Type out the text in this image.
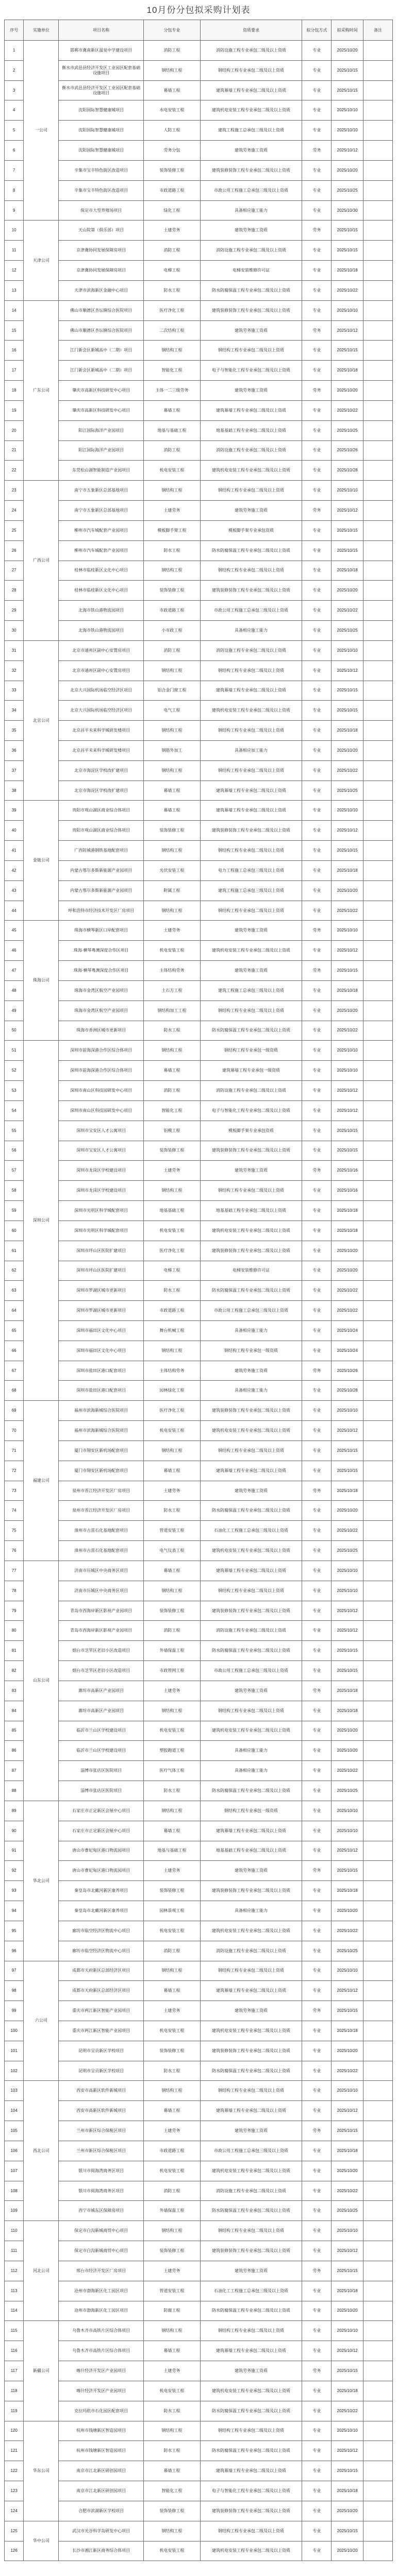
10月份分包拟采购计划表
序号	实施单位	项目名称	分包专业	资质要求	拟分包方式	拟采购时间	备注
1	一公司	邯郸市冀南新区温泉中学建设项目	消防工程	消防设施工程专业承包二级及以上资质	专业	2025/10/20	
2		衡水市武邑县经济开发区工业园区配套基础设施项目	钢结构工程	钢结构工程专业承包二级及以上资质	专业	2025/10/15	
3		衡水市武邑县经济开发区工业园区配套基础设施项目	幕墙工程	建筑幕墙工程专业承包二级及以上资质	专业	2025/10/15	
4		沈阳国际智慧健康城项目	水电安装工程	建筑机电安装工程专业承包二级及以上资质	专业	2025/10/10	
5		沈阳国际智慧健康城项目	人防工程	建筑工程施工总承包三级及以上资质	专业	2025/10/10	
6		沈阳国际智慧健康城项目	劳务分包	建筑劳务施工资质	劳务	2025/10/12	
7		辛集市宝丰特色街区改造项目	装饰装修工程	建筑装修装饰工程专业承包二级及以上资质	专业	2025/10/20	
8		辛集市宝丰特色街区改造项目	市政道路工程	市政公用工程施工总承包三级及以上资质	专业	2025/10/25	
9		保定市大型养殖场项目	绿化工程	具备相应施工能力	专业	2025/10/30	
10	天津公司	天山院第（俱乐部）项目	土建劳务	建筑劳务施工资质	劳务	2025/10/15	
11		京津冀协同发展保障房项目	消防工程	消防设施工程专业承包二级及以上资质	专业	2025/10/15	
12		京津冀协同发展保障房项目	电梯工程	电梯安装维修许可证	专业	2025/10/18	
13		天津市滨海新区金融中心项目	防水工程	防水防腐保温工程专业承包二级及以上资质	专业	2025/10/22	
14	广东公司	佛山市顺德区杏坛镇综合医院项目	医疗净化工程	建筑装修装饰工程专业承包二级及以上资质	专业	2025/10/10	
15		佛山市顺德区杏坛镇综合医院项目	二次结构工程	建筑劳务施工资质	劳务	2025/10/12	
16		江门新会区新城高中（二期）项目	钢结构工程	钢结构工程专业承包二级及以上资质	专业	2025/10/15	
17		江门新会区新城高中（二期）项目	智能化工程	电子与智能化工程专业承包二级及以上资质	专业	2025/10/18	
18		肇庆市高新区科技研发中心项目	主体一二三级劳务	建筑劳务施工资质	劳务	2025/10/20	
19		肇庆市高新区科技研发中心项目	幕墙工程	建筑幕墙工程专业承包二级及以上资质	专业	2025/10/22	
20		阳江国际海洋产业园项目	地基与基础工程	地基基础工程专业承包二级及以上资质	专业	2025/10/25	
21		阳江国际海洋产业园项目	消防工程	消防设施工程专业承包二级及以上资质	专业	2025/10/26	
22		东莞松山湖智能制造产业园项目	机电安装工程	建筑机电安装工程专业承包二级及以上资质	专业	2025/10/28	
23	广西公司	南宁市五象新区总部基地项目	钢结构工程	钢结构工程专业承包二级及以上资质	专业	2025/10/10	
24		南宁市五象新区总部基地项目	土建劳务	建筑劳务施工资质	劳务	2025/10/12	
25		柳州市汽车城配套产业园项目	模板脚手架工程	模板脚手架专业承包资质	专业	2025/10/15	
26		柳州市汽车城配套产业园项目	防水工程	防水防腐保温工程专业承包二级及以上资质	专业	2025/10/15	
27		桂林市临桂新区文化中心项目	钢结构工程	钢结构工程专业承包二级及以上资质	专业	2025/10/18	
28		桂林市临桂新区文化中心项目	装饰装修工程	建筑装修装饰工程专业承包二级及以上资质	专业	2025/10/20	
29		北海市铁山港物流园项目	市政道路工程	市政公用工程施工总承包三级及以上资质	专业	2025/10/22	
30		北海市铁山港物流园项目	小市政工程	具备相应施工能力	专业	2025/10/25	
31	北京公司	北京市通州区副中心安置房项目	消防工程	消防设施工程专业承包二级及以上资质	专业	2025/10/10	
32		北京市通州区副中心安置房项目	钢结构工程	钢结构工程专业承包二级及以上资质	专业	2025/10/12	
33		北京大兴国际机场临空经济区项目	铝合金门窗工程	建筑幕墙工程专业承包二级及以上资质	专业	2025/10/15	
34		北京大兴国际机场临空经济区项目	电气工程	建筑机电安装工程专业承包二级及以上资质	专业	2025/10/15	
35		北京昌平未来科学城研发楼项目	钢结构工程	钢结构工程专业承包二级及以上资质	专业	2025/10/18	
36		北京昌平未来科学城研发楼项目	钢筋外加工	具备相应加工能力	专业	2025/10/20	
37		北京市海淀区学校改扩建项目	钢结构工程	钢结构工程专业承包二级及以上资质	专业	2025/10/22	
38		北京市海淀区学校改扩建项目	幕墙工程	建筑幕墙工程专业承包二级及以上资质	专业	2025/10/25	
39	金链公司	贵阳市观山湖区商业综合体项目	幕墙工程	建筑幕墙工程专业承包二级及以上资质	专业	2025/10/10	
40		贵阳市观山湖区商业综合体项目	装饰装修工程	建筑装修装饰工程专业承包二级及以上资质	专业	2025/10/12	
41		广西防城港钢铁基地配套项目	钢结构工程	钢结构工程专业承包二级及以上资质	专业	2025/10/15	
42		内蒙古鄂尔多斯新能源产业园项目	光伏安装工程	电力工程施工总承包三级及以上资质	专业	2025/10/18	
43		内蒙古鄂尔多斯新能源产业园项目	附属工程	建筑工程施工总承包三级及以上资质	专业	2025/10/20	
44		呼和浩特市经济技术开发区厂房项目	钢结构工程	钢结构工程专业承包二级及以上资质	专业	2025/10/22	
45	珠海公司	珠海市横琴新区口岸配套项目	土建劳务	建筑劳务施工资质	劳务	2025/10/10	
46		珠海·横琴粤澳深度合作区项目	机电安装工程	建筑机电安装工程专业承包二级及以上资质	专业	2025/10/12	
47		珠海·横琴粤澳深度合作区项目	主体结构劳务	建筑劳务施工资质	劳务	2025/10/15	
48		珠海市金湾区航空产业园项目	土石方工程	建筑工程施工总承包三级及以上资质	专业	2025/10/18	
49		珠海市金湾区航空产业园项目	钢结构加工工程	钢结构工程专业承包二级及以上资质	专业	2025/10/20	
50		珠海市香洲区城市更新项目	防水工程	防水防腐保温工程专业承包二级及以上资质	专业	2025/10/22	
51	深圳公司	深圳市前海深港合作区综合体项目	钢结构工程	钢结构工程专业承包一级资质	专业	2025/10/10	
52		深圳市前海深港合作区综合体项目	幕墙工程	建筑幕墙工程专业承包一级资质	专业	2025/10/10	
53		深圳市南山区科技园研发中心项目	消防工程	消防设施工程专业承包二级及以上资质	专业	2025/10/12	
54		深圳市南山区科技园研发中心项目	智能化工程	电子与智能化工程专业承包二级及以上资质	专业	2025/10/12	
55		深圳市宝安区人才公寓项目	铝模工程	模板脚手架专业承包资质	专业	2025/10/15	
56		深圳市宝安区人才公寓项目	装饰装修工程	建筑装修装饰工程专业承包二级及以上资质	专业	2025/10/15	
57		深圳市龙岗区学校建设项目	土建劳务	建筑劳务施工资质	劳务	2025/10/16	
58		深圳市龙岗区学校建设项目	钢结构工程	钢结构工程专业承包二级及以上资质	专业	2025/10/16	
59		深圳市光明区科学城配套项目	地基基础工程	地基基础工程专业承包二级及以上资质	专业	2025/10/18	
60		深圳市光明区科学城配套项目	机电安装工程	建筑机电安装工程专业承包二级及以上资质	专业	2025/10/18	
61		深圳市坪山区医院扩建项目	医疗净化工程	建筑装修装饰工程专业承包二级及以上资质	专业	2025/10/20	
62		深圳市坪山区医院扩建项目	电梯工程	电梯安装维修许可证	专业	2025/10/20	
63		深圳市罗湖区城市更新项目	防水工程	防水防腐保温工程专业承包二级及以上资质	专业	2025/10/22	
64		深圳市罗湖区城市更新项目	市政道路工程	市政公用工程施工总承包三级及以上资质	专业	2025/10/22	
65		深圳市福田区文化中心项目	舞台机械工程	具备相应施工能力	专业	2025/10/24	
66		深圳市福田区文化中心项目	钢结构工程	钢结构工程专业承包一级资质	专业	2025/10/24	
67		深圳市盐田区港口配套项目	主体结构劳务	建筑劳务施工资质	劳务	2025/10/26	
68		深圳市盐田区港口配套项目	园林绿化工程	具备相应施工能力	专业	2025/10/28	
69	福建公司	福州市滨海新城综合医院项目	医疗净化工程	建筑装修装饰工程专业承包二级及以上资质	专业	2025/10/10	
70		福州市滨海新城综合医院项目	机电安装工程	建筑机电安装工程专业承包二级及以上资质	专业	2025/10/12	
71		厦门市翔安区新机场配套项目	钢结构工程	钢结构工程专业承包二级及以上资质	专业	2025/10/15	
72		厦门市翔安区新机场配套项目	幕墙工程	建筑幕墙工程专业承包二级及以上资质	专业	2025/10/15	
73		泉州市晋江经济开发区厂房项目	土建劳务	建筑劳务施工资质	劳务	2025/10/18	
74		泉州市晋江经济开发区厂房项目	防水工程	防水防腐保温工程专业承包二级及以上资质	专业	2025/10/20	
75		漳州市古雷石化基地配套项目	管道安装工程	石油化工工程施工总承包三级及以上资质	专业	2025/10/22	
76		漳州市古雷石化基地配套项目	电气仪表工程	建筑机电安装工程专业承包二级及以上资质	专业	2025/10/25	
77	山东公司	济南市历城区中央商务区项目	幕墙工程	建筑幕墙工程专业承包二级及以上资质	专业	2025/10/10	
78		济南市历城区中央商务区项目	钢结构工程	钢结构工程专业承包二级及以上资质	专业	2025/10/10	
79		青岛市西海岸新区影视产业园项目	装饰装修工程	建筑装修装饰工程专业承包二级及以上资质	专业	2025/10/12	
80		青岛市西海岸新区影视产业园项目	消防工程	消防设施工程专业承包二级及以上资质	专业	2025/10/12	
81		烟台市芝罘区老旧小区改造项目	外墙保温工程	防水防腐保温工程专业承包二级及以上资质	专业	2025/10/15	
82		烟台市芝罘区老旧小区改造项目	市政管网工程	市政公用工程施工总承包三级及以上资质	专业	2025/10/15	
83		潍坊市高新区产业园项目	土建劳务	建筑劳务施工资质	劳务	2025/10/18	
84		潍坊市高新区产业园项目	钢结构工程	钢结构工程专业承包二级及以上资质	专业	2025/10/18	
85		临沂市兰山区学校建设项目	机电安装工程	建筑机电安装工程专业承包二级及以上资质	专业	2025/10/20	
86		临沂市兰山区学校建设项目	塑胶跑道工程	具备相应施工能力	专业	2025/10/20	
87		淄博市张店区医院项目	医疗气体工程	具备相应施工能力	专业	2025/10/22	
88		淄博市张店区医院项目	防水工程	防水防腐保温工程专业承包二级及以上资质	专业	2025/10/25	
89	华北公司	石家庄市正定新区会展中心项目	钢结构工程	钢结构工程专业承包一级资质	专业	2025/10/10	
90		石家庄市正定新区会展中心项目	幕墙工程	建筑幕墙工程专业承包二级及以上资质	专业	2025/10/10	
91		唐山市曹妃甸区港口物流园项目	地基与基础工程	地基基础工程专业承包二级及以上资质	专业	2025/10/12	
92		唐山市曹妃甸区港口物流园项目	土建劳务	建筑劳务施工资质	劳务	2025/10/15	
93		秦皇岛市北戴河新区康养项目	装饰装修工程	建筑装修装饰工程专业承包二级及以上资质	专业	2025/10/18	
94		秦皇岛市北戴河新区康养项目	园林景观工程	具备相应施工能力	专业	2025/10/20	
95		廊坊市临空经济区物流中心项目	机电安装工程	建筑机电安装工程专业承包二级及以上资质	专业	2025/10/22	
96		廊坊市临空经济区物流中心项目	消防工程	消防设施工程专业承包二级及以上资质	专业	2025/10/25	
97	六公司	成都市天府新区总部经济区项目	钢结构工程	钢结构工程专业承包二级及以上资质	专业	2025/10/10	
98		成都市天府新区总部经济区项目	幕墙工程	建筑幕墙工程专业承包二级及以上资质	专业	2025/10/12	
99		重庆市两江新区智能产业园项目	土建劳务	建筑劳务施工资质	劳务	2025/10/15	
100		重庆市两江新区智能产业园项目	机电安装工程	建筑机电安装工程专业承包二级及以上资质	专业	2025/10/18	
101		昆明市呈贡新区学校项目	装饰装修工程	建筑装修装饰工程专业承包二级及以上资质	专业	2025/10/20	
102		昆明市呈贡新区学校项目	防水工程	防水防腐保温工程专业承包二级及以上资质	专业	2025/10/22	
103	西北公司	西安市高新区软件新城项目	钢结构工程	钢结构工程专业承包二级及以上资质	专业	2025/10/10	
104		西安市高新区软件新城项目	幕墙工程	建筑幕墙工程专业承包二级及以上资质	专业	2025/10/12	
105		兰州市新区综合保税区项目	土建劳务	建筑劳务施工资质	劳务	2025/10/15	
106		兰州市新区综合保税区项目	市政道路工程	市政公用工程施工总承包三级及以上资质	专业	2025/10/18	
107		银川市阅海湾商务区项目	机电安装工程	建筑机电安装工程专业承包二级及以上资质	专业	2025/10/20	
108		银川市阅海湾商务区项目	消防工程	消防设施工程专业承包二级及以上资质	专业	2025/10/22	
109		西宁市城东区保障房项目	外墙保温工程	防水防腐保温工程专业承包二级及以上资质	专业	2025/10/25	
110	河北公司	保定市白沟新城商贸中心项目	钢结构工程	钢结构工程专业承包二级及以上资质	专业	2025/10/10	
111		保定市白沟新城商贸中心项目	装饰装修工程	建筑装修装饰工程专业承包二级及以上资质	专业	2025/10/12	
112		邢台市经济开发区厂房项目	土建劳务	建筑劳务施工资质	劳务	2025/10/15	
113		沧州市渤海新区化工园区项目	管道安装工程	石油化工工程施工总承包三级及以上资质	专业	2025/10/18	
114		沧州市渤海新区化工园区项目	防腐工程	防水防腐保温工程专业承包二级及以上资质	专业	2025/10/20	
115	新疆公司	乌鲁木齐市高铁片区综合体项目	钢结构工程	钢结构工程专业承包二级及以上资质	专业	2025/10/10	
116		乌鲁木齐市高铁片区综合体项目	幕墙工程	建筑幕墙工程专业承包二级及以上资质	专业	2025/10/12	
117		喀什经济开发区产业园项目	土建劳务	建筑劳务施工资质	劳务	2025/10/15	
118		喀什经济开发区产业园项目	机电安装工程	建筑机电安装工程专业承包二级及以上资质	专业	2025/10/18	
119		克拉玛依市石化园区配套项目	防水工程	防水防腐保温工程专业承包二级及以上资质	专业	2025/10/22	
120	华东公司	杭州市钱塘新区智造园项目	钢结构工程	钢结构工程专业承包二级及以上资质	专业	2025/10/10	
121		杭州市钱塘新区智造园项目	防水工程	防水防腐保温工程专业承包二级及以上资质	专业	2025/10/12	
122		南京市江北新区研创园项目	幕墙工程	建筑幕墙工程专业承包二级及以上资质	专业	2025/10/15	
123		南京市江北新区研创园项目	智能化工程	电子与智能化工程专业承包二级及以上资质	专业	2025/10/18	
124		合肥市滨湖新区学校项目	装饰装修工程	建筑装修装饰工程专业承包二级及以上资质	专业	2025/10/20	
125	华中公司	武汉市光谷科学岛研发中心项目	钢结构工程	钢结构工程专业承包二级及以上资质	专业	2025/10/15	
126		长沙市湘江新区商务综合体项目	机电安装工程	建筑机电安装工程专业承包二级及以上资质	专业	2025/10/20	
